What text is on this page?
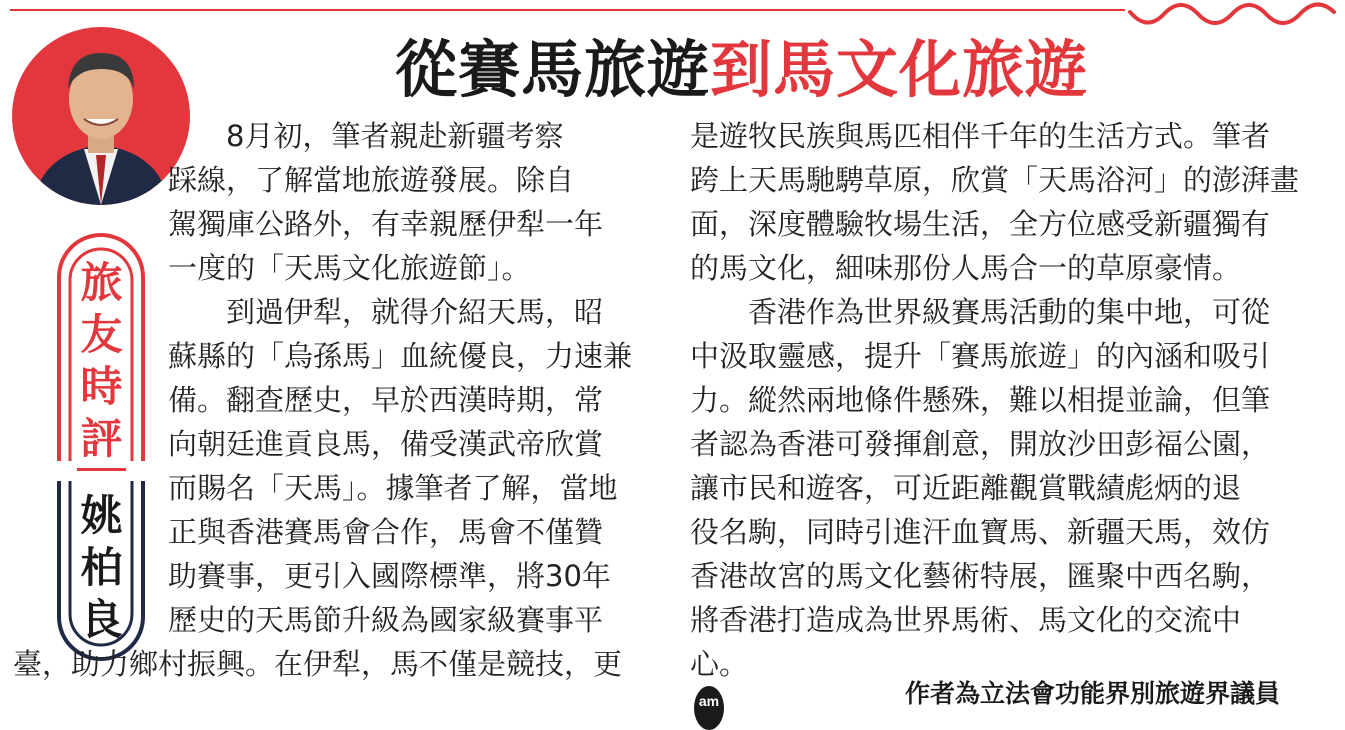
從賽馬旅遊到馬文化旅遊
旅
友
時
評
姚
柏
良
8月初，筆者親赴新疆考察
踩線，了解當地旅遊發展。除自
駕獨庫公路外，有幸親歷伊犁一年
一度的「天馬文化旅遊節」。
到過伊犁，就得介紹天馬，昭
蘇縣的「烏孫馬」血統優良，力速兼
備。翻查歷史，早於西漢時期，常
向朝廷進貢良馬，備受漢武帝欣賞
而賜名「天馬」。據筆者了解，當地
正與香港賽馬會合作，馬會不僅贊
助賽事，更引入國際標準，將30年
歷史的天馬節升級為國家級賽事平
臺，助力鄉村振興。在伊犁，馬不僅是競技，更
是遊牧民族與馬匹相伴千年的生活方式。筆者
跨上天馬馳騁草原，欣賞「天馬浴河」的澎湃畫
面，深度體驗牧場生活，全方位感受新疆獨有
的馬文化，細味那份人馬合一的草原豪情。
香港作為世界級賽馬活動的集中地，可從
中汲取靈感，提升「賽馬旅遊」的內涵和吸引
力。縱然兩地條件懸殊，難以相提並論，但筆
者認為香港可發揮創意，開放沙田彭福公園，
讓市民和遊客，可近距離觀賞戰績彪炳的退
役名駒，同時引進汗血寶馬、新疆天馬，效仿
香港故宮的馬文化藝術特展，匯聚中西名駒，
將香港打造成為世界馬術、馬文化的交流中
心。
am	作者為立法會功能界別旅遊界議員
